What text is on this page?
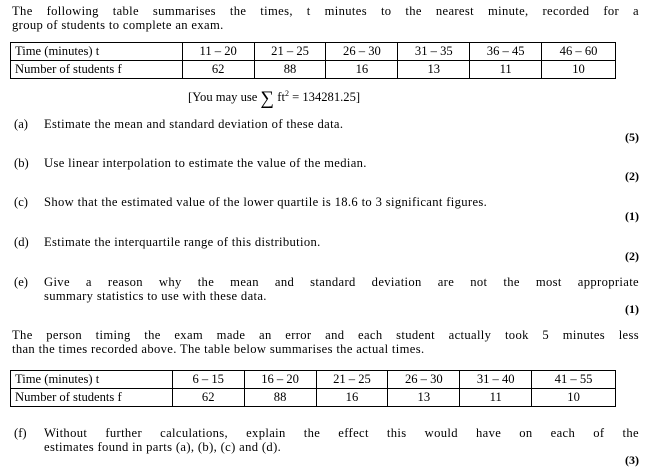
The following table summarises the times, t minutes to the nearest minute, recorded for a
group of students to complete an exam.
Time (minutes) t	11 – 20	21 – 25	26 – 30	31 – 35	36 – 45	46 – 60
Number of students f	62	88	16	13	11	10
[You may use ∑ $ft^2 = 134281.25$]
(a) Estimate the mean and standard deviation of these data.
(5)
(b) Use linear interpolation to estimate the value of the median.
(2)
(c) Show that the estimated value of the lower quartile is 18.6 to 3 significant figures.
(1)
(d) Estimate the interquartile range of this distribution.
(2)
(e) Give a reason why the mean and standard deviation are not the most appropriate
summary statistics to use with these data.
(1)
The person timing the exam made an error and each student actually took 5 minutes less
than the times recorded above. The table below summarises the actual times.
Time (minutes) t	6 – 15	16 – 20	21 – 25	26 – 30	31 – 40	41 – 55
Number of students f	62	88	16	13	11	10
(f) Without further calculations, explain the effect this would have on each of the
estimates found in parts (a), (b), (c) and (d).
(3)
